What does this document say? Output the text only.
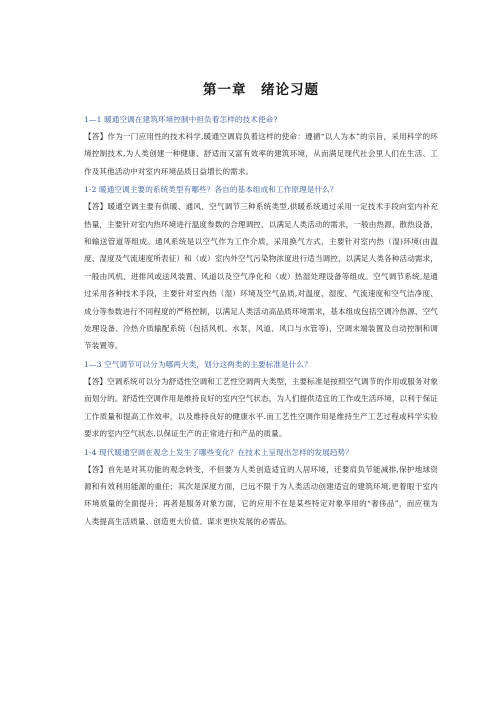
第一章　绪论习题

1—1 暖通空调在建筑环境控制中担负着怎样的技术使命?

【答】作为一门应用性的技术科学,暖通空调肩负着这样的使命：遵循“以人为本”的宗旨，采用科学的环境控制技术,为人类创建一种健康、舒适而又富有效率的建筑环境，从而满足现代社会里人们在生活、工作及其他活动中对室内环境品质日益增长的需求。

1-2 暖通空调主要的系统类型有哪些？各自的基本组成和工作原理是什么？

【答】暖通空调主要有供暖、通风、空气调节三种系统类型,供暖系统通过采用一定技术手段向室内补充热量，主要针对室内热环境进行温度参数的合理调控，以满足人类活动的需求，一般由热源、散热设备，和输送管道等组成。通风系统是以空气作为工作介质，采用换气方式，主要针对室内热（湿)环境(由温度、湿度及气流速度所表征）和（或）室内外空气污染物浓度进行适当调控，以满足人类各种活动需求，一般由风机、进排风或送风装置、风道以及空气净化和（或）热湿处理设备等组成。空气调节系统,是通过采用各种技术手段，主要针对室内热（湿）环境及空气品质,对温度、湿度、气流速度和空气洁净度、成分等参数进行不同程度的严格控制，以满足人类活动高品质环境需求，基本组成包括空调冷热源、空气处理设备、冷热介质输配系统（包括风机、水泵、风道、风口与水管等)、空调末端装置及自动控制和调节装置等。

1—3 空气调节可以分为哪两大类，划分这两类的主要标准是什么？

【答】空调系统可以分为舒适性空调和工艺性空调两大类型，主要标准是按照空气调节的作用或服务对象而划分的。舒适性空调作用是维持良好的室内空气状态，为人们提供适宜的工作或生活环境，以利于保证工作质量和提高工作效率，以及维持良好的健康水平.而工艺性空调作用是维持生产工艺过程或科学实验要求的室内空气状态,以保证生产的正常进行和产品的质量。

1-4 现代暖通空调在观念上发生了哪些变化？在技术上呈现出怎样的发展趋势？

【答】首先是对其功能的观念转变，不但要为人类创造适宜的人居环境，还要肩负节能减排,保护地球资源和有效利用能源的重任；其次是深度方面，已远不限于为人类活动创建适宜的建筑环境,更着眼于室内环境质量的全面提升；再者是服务对象方面，它的应用不在是某些特定对象享用的“奢侈品”，而应视为人类提高生活质量、创造更大价值、谋求更快发展的必需品。
